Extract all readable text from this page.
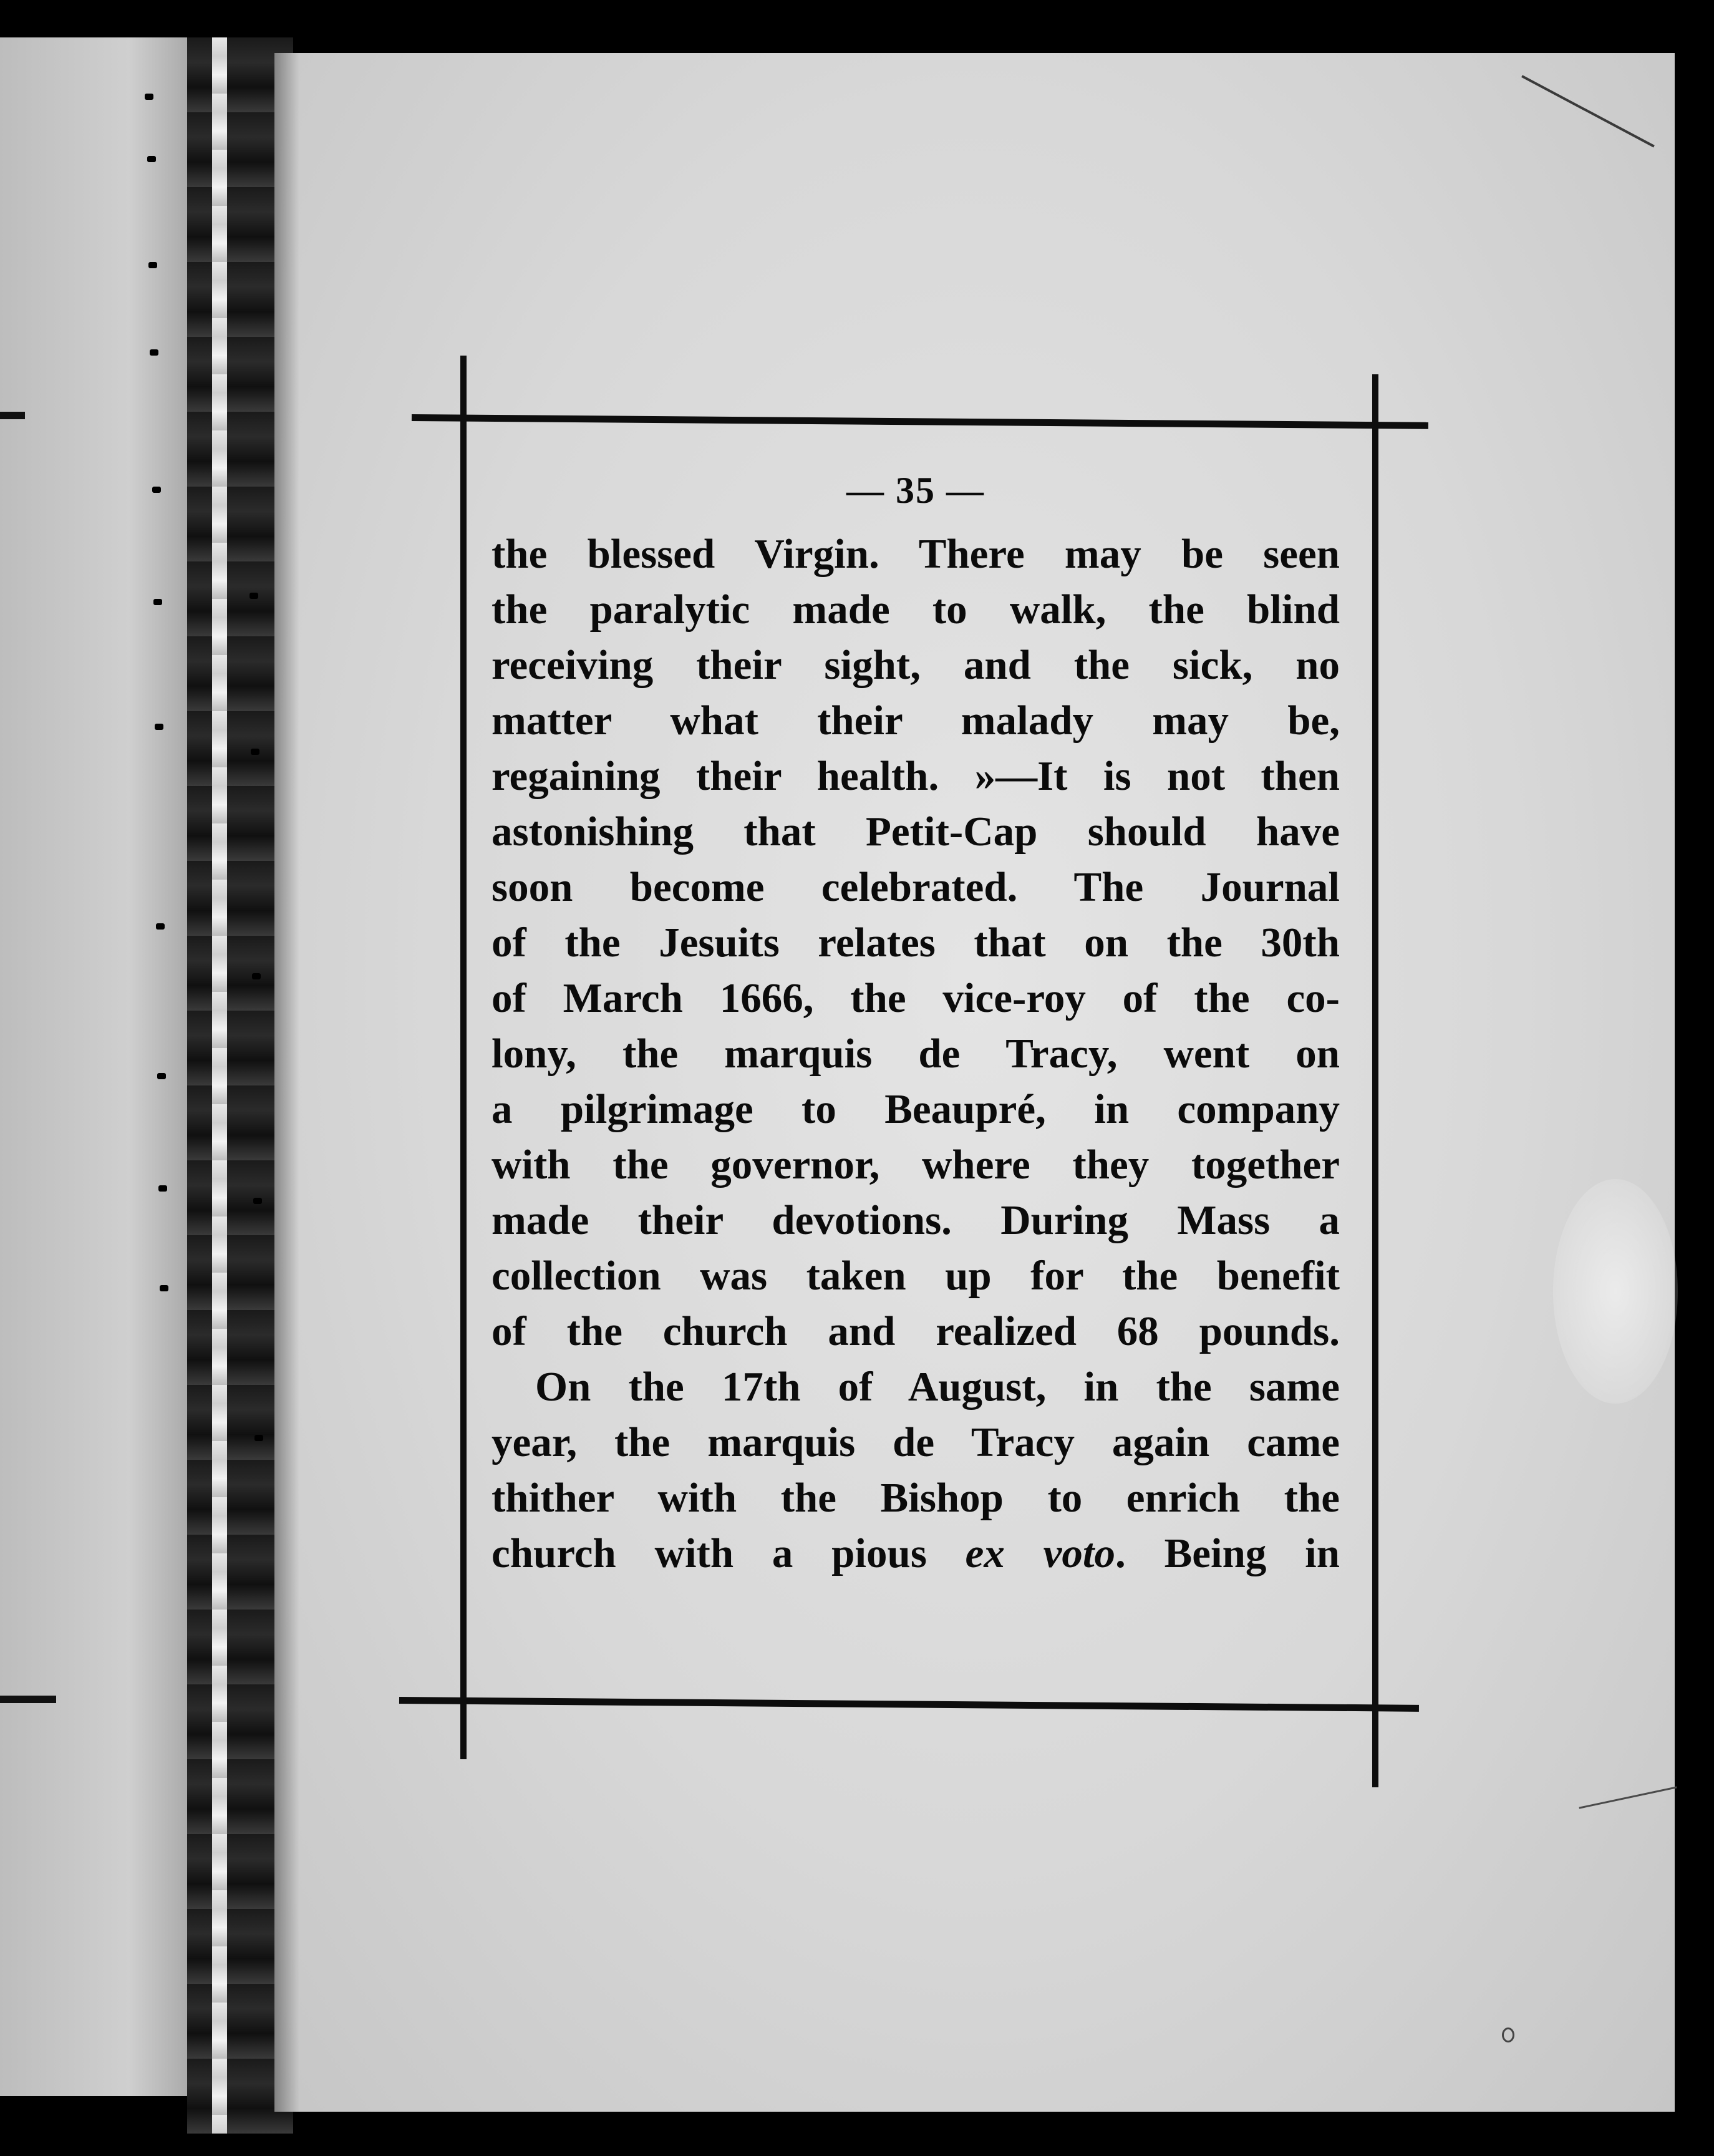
— 35 —
the blessed Virgin. There may be seen
the paralytic made to walk, the blind
receiving their sight, and the sick, no
matter what their malady may be,
regaining their health. »—It is not then
astonishing that Petit-Cap should have
soon become celebrated. The Journal
of the Jesuits relates that on the 30th
of March 1666, the vice-roy of the co-
lony, the marquis de Tracy, went on
a pilgrimage to Beaupré, in company
with the governor, where they together
made their devotions. During Mass a
collection was taken up for the benefit
of the church and realized 68 pounds.
On the 17th of August, in the same
year, the marquis de Tracy again came
thither with the Bishop to enrich the
church with a pious ex voto. Being in
